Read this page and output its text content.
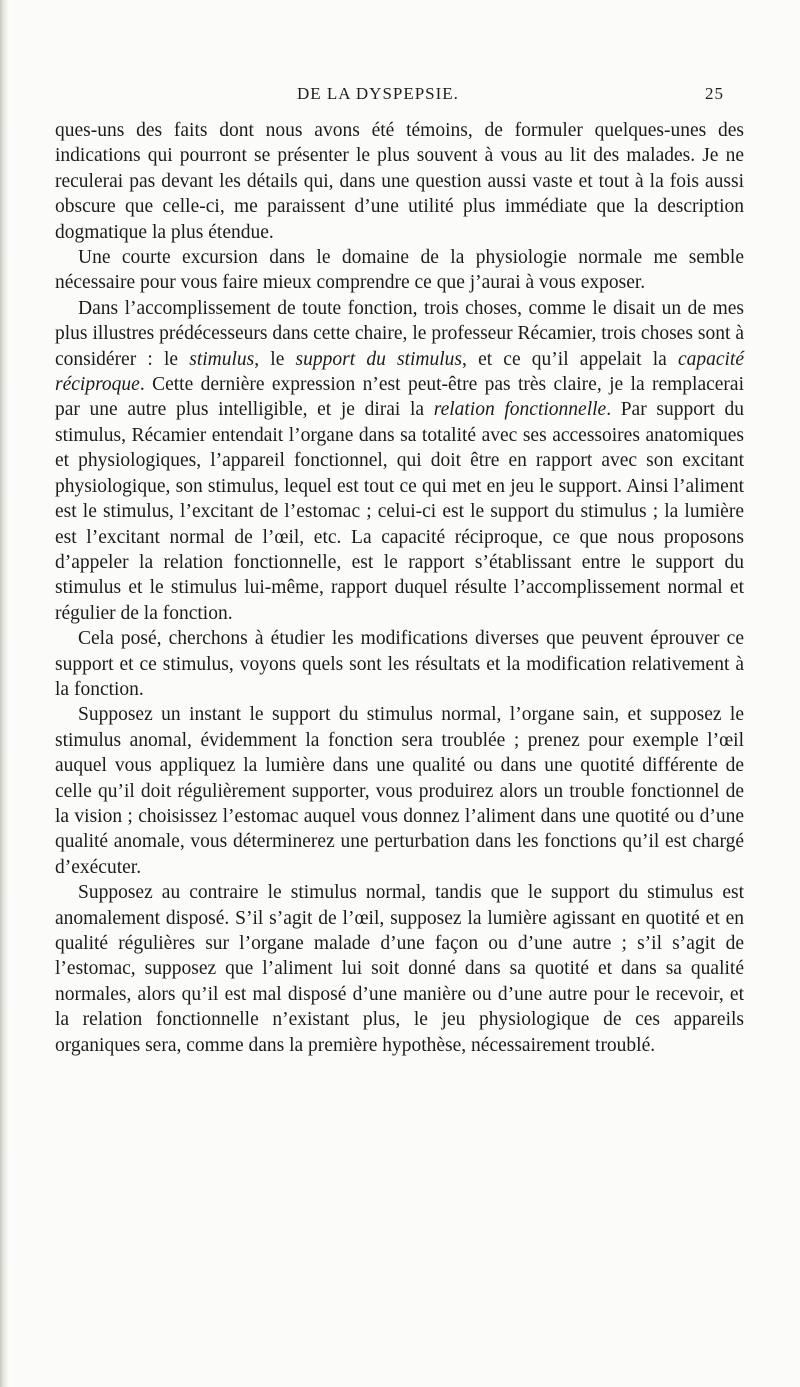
DE LA DYSPEPSIE.	25

ques-uns des faits dont nous avons été témoins, de formuler quelques-unes des indications qui pourront se présenter le plus souvent à vous au lit des malades. Je ne reculerai pas devant les détails qui, dans une question aussi vaste et tout à la fois aussi obscure que celle-ci, me paraissent d’une utilité plus immédiate que la description dogmatique la plus étendue.

Une courte excursion dans le domaine de la physiologie normale me semble nécessaire pour vous faire mieux comprendre ce que j’aurai à vous exposer.

Dans l’accomplissement de toute fonction, trois choses, comme le disait un de mes plus illustres prédécesseurs dans cette chaire, le professeur Récamier, trois choses sont à considérer : le stimulus, le support du stimulus, et ce qu’il appelait la capacité réciproque. Cette dernière expression n’est peut-être pas très claire, je la remplacerai par une autre plus intelligible, et je dirai la relation fonctionnelle. Par support du stimulus, Récamier entendait l’organe dans sa totalité avec ses accessoires anatomiques et physiologiques, l’appareil fonctionnel, qui doit être en rapport avec son excitant physiologique, son stimulus, lequel est tout ce qui met en jeu le support. Ainsi l’aliment est le stimulus, l’excitant de l’estomac ; celui-ci est le support du stimulus ; la lumière est l’excitant normal de l’œil, etc. La capacité réciproque, ce que nous proposons d’appeler la relation fonctionnelle, est le rapport s’établissant entre le support du stimulus et le stimulus lui-même, rapport duquel résulte l’accomplissement normal et régulier de la fonction.

Cela posé, cherchons à étudier les modifications diverses que peuvent éprouver ce support et ce stimulus, voyons quels sont les résultats et la modification relativement à la fonction.

Supposez un instant le support du stimulus normal, l’organe sain, et supposez le stimulus anomal, évidemment la fonction sera troublée ; prenez pour exemple l’œil auquel vous appliquez la lumière dans une qualité ou dans une quotité différente de celle qu’il doit régulièrement supporter, vous produirez alors un trouble fonctionnel de la vision ; choisissez l’estomac auquel vous donnez l’aliment dans une quotité ou d’une qualité anomale, vous déterminerez une perturbation dans les fonctions qu’il est chargé d’exécuter.

Supposez au contraire le stimulus normal, tandis que le support du stimulus est anomalement disposé. S’il s’agit de l’œil, supposez la lumière agissant en quotité et en qualité régulières sur l’organe malade d’une façon ou d’une autre ; s’il s’agit de l’estomac, supposez que l’aliment lui soit donné dans sa quotité et dans sa qualité normales, alors qu’il est mal disposé d’une manière ou d’une autre pour le recevoir, et la relation fonctionnelle n’existant plus, le jeu physiologique de ces appareils organiques sera, comme dans la première hypothèse, nécessairement troublé.
